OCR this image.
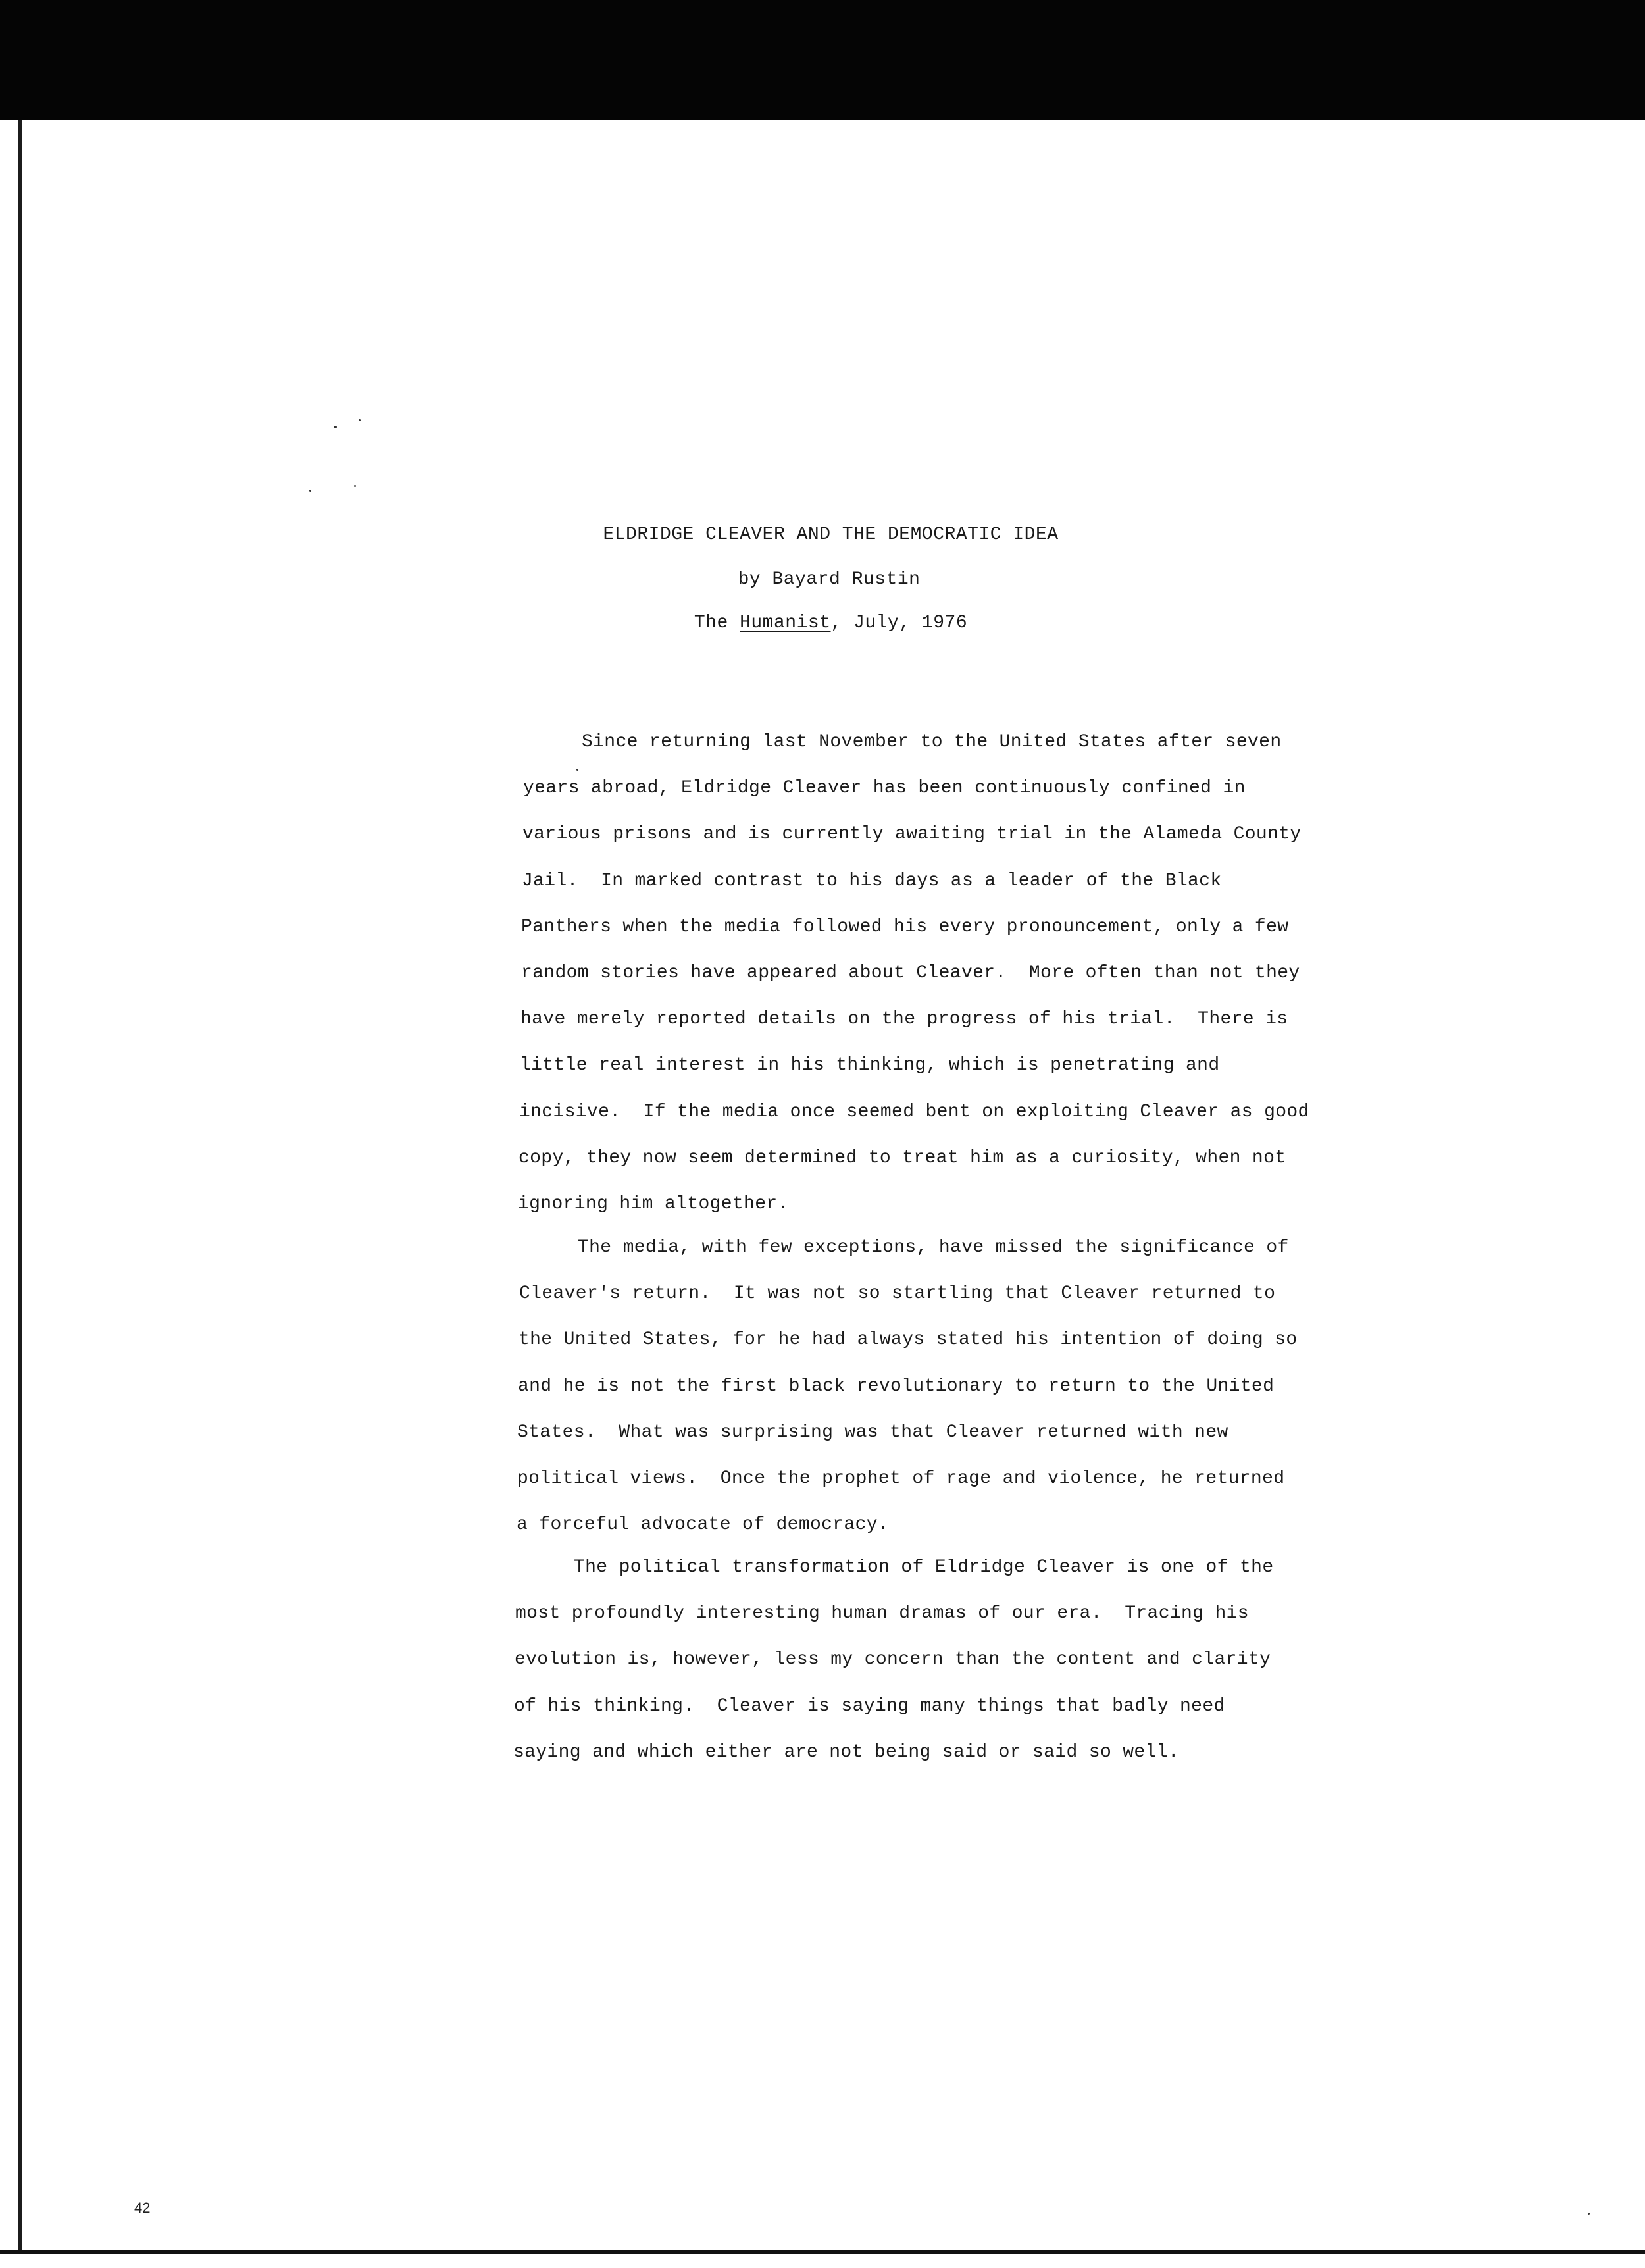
ELDRIDGE CLEAVER AND THE DEMOCRATIC IDEA

by Bayard Rustin

The Humanist, July, 1976

Since returning last November to the United States after seven

years abroad, Eldridge Cleaver has been continuously confined in

various prisons and is currently awaiting trial in the Alameda County

Jail.  In marked contrast to his days as a leader of the Black

Panthers when the media followed his every pronouncement, only a few

random stories have appeared about Cleaver.  More often than not they

have merely reported details on the progress of his trial.  There is

little real interest in his thinking, which is penetrating and

incisive.  If the media once seemed bent on exploiting Cleaver as good

copy, they now seem determined to treat him as a curiosity, when not

ignoring him altogether.

The media, with few exceptions, have missed the significance of

Cleaver's return.  It was not so startling that Cleaver returned to

the United States, for he had always stated his intention of doing so

and he is not the first black revolutionary to return to the United

States.  What was surprising was that Cleaver returned with new

political views.  Once the prophet of rage and violence, he returned

a forceful advocate of democracy.

The political transformation of Eldridge Cleaver is one of the

most profoundly interesting human dramas of our era.  Tracing his

evolution is, however, less my concern than the content and clarity

of his thinking.  Cleaver is saying many things that badly need

saying and which either are not being said or said so well.

42
